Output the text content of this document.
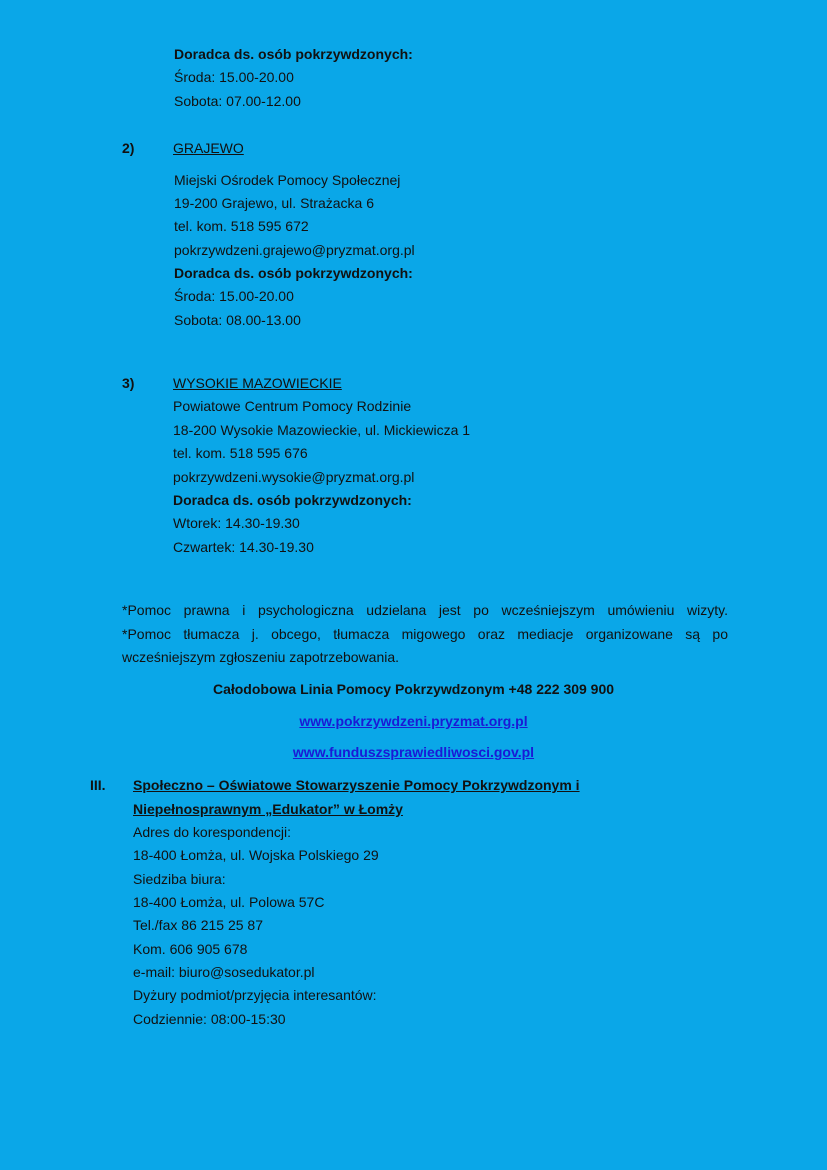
Doradca ds. osób pokrzywdzonych:
Środa: 15.00-20.00
Sobota: 07.00-12.00
2)	GRAJEWO
Miejski Ośrodek Pomocy Społecznej
19-200 Grajewo, ul. Strażacka 6
tel. kom. 518 595 672
pokrzywdzeni.grajewo@pryzmat.org.pl
Doradca ds. osób pokrzywdzonych:
Środa: 15.00-20.00
Sobota: 08.00-13.00
3)	WYSOKIE MAZOWIECKIE
Powiatowe Centrum Pomocy Rodzinie
18-200 Wysokie Mazowieckie, ul. Mickiewicza 1
tel. kom. 518 595 676
pokrzywdzeni.wysokie@pryzmat.org.pl
Doradca ds. osób pokrzywdzonych:
Wtorek: 14.30-19.30
Czwartek: 14.30-19.30
*Pomoc prawna i psychologiczna udzielana jest po wcześniejszym umówieniu wizyty.
*Pomoc tłumacza j. obcego, tłumacza migowego oraz mediacje organizowane są po
wcześniejszym zgłoszeniu zapotrzebowania.
Całodobowa Linia Pomocy Pokrzywdzonym +48 222 309 900
www.pokrzywdzeni.pryzmat.org.pl
www.funduszsprawiedliwosci.gov.pl
III. Społeczno – Oświatowe Stowarzyszenie Pomocy Pokrzywdzonym i
Niepełnosprawnym „Edukator” w Łomży
Adres do korespondencji:
18-400 Łomża, ul. Wojska Polskiego 29
Siedziba biura:
18-400 Łomża, ul. Polowa 57C
Tel./fax 86 215 25 87
Kom. 606 905 678
e-mail: biuro@sosedukator.pl
Dyżury podmiot/przyjęcia interesantów:
Codziennie: 08:00-15:30
